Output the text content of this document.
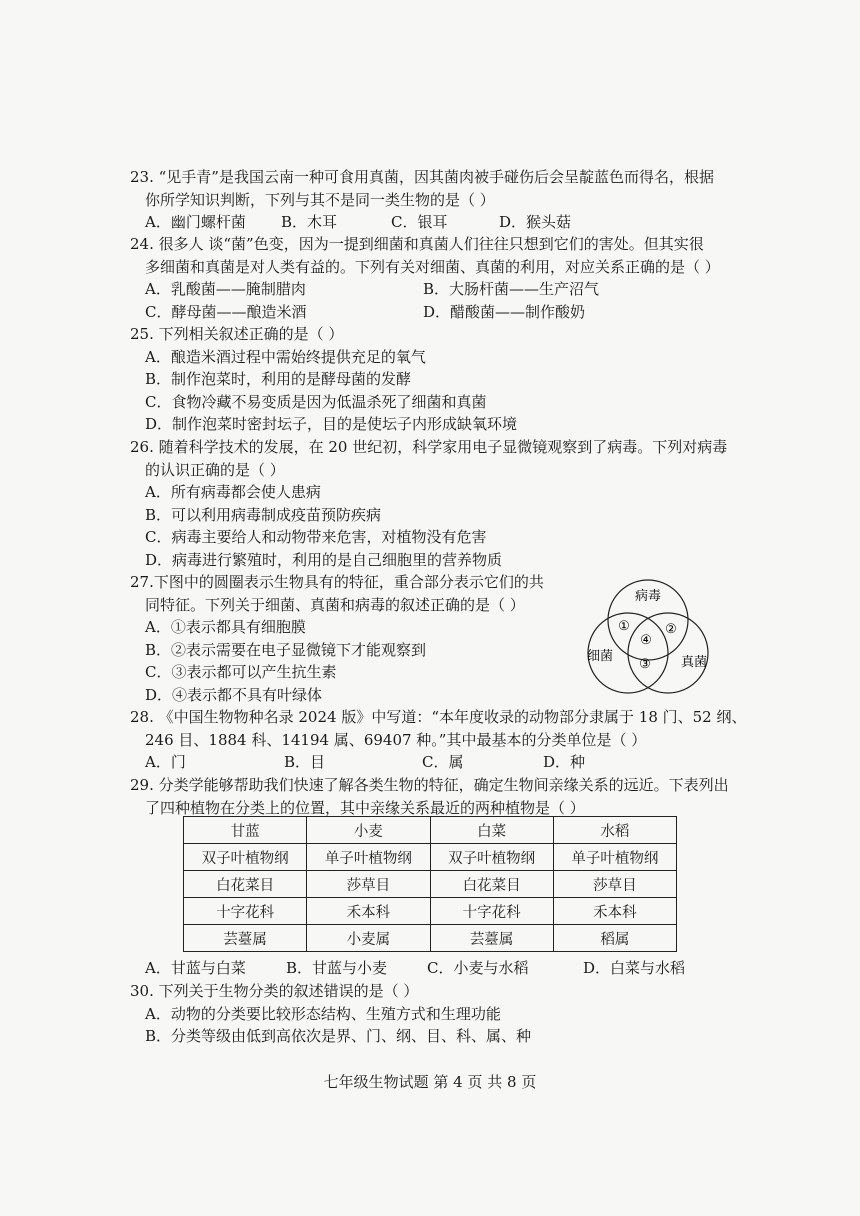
23. “见手青”是我国云南一种可食用真菌，因其菌肉被手碰伤后会呈靛蓝色而得名，根据

你所学知识判断，下列与其不是同一类生物的是（ ）

A．幽门螺杆菌	B．木耳	C．银耳	D．猴头菇

24. 很多人 谈“菌”色变，因为一提到细菌和真菌人们往往只想到它们的害处。但其实很

多细菌和真菌是对人类有益的。下列有关对细菌、真菌的利用，对应关系正确的是（ ）

A．乳酸菌——腌制腊肉	B．大肠杆菌——生产沼气
C．酵母菌——酿造米酒	D．醋酸菌——制作酸奶

25. 下列相关叙述正确的是（ ）

A．酿造米酒过程中需始终提供充足的氧气

B．制作泡菜时，利用的是酵母菌的发酵

C．食物冷藏不易变质是因为低温杀死了细菌和真菌

D．制作泡菜时密封坛子，目的是使坛子内形成缺氧环境

26. 随着科学技术的发展，在 20 世纪初，科学家用电子显微镜观察到了病毒。下列对病毒

的认识正确的是（ ）

A．所有病毒都会使人患病

B．可以利用病毒制成疫苗预防疾病

C．病毒主要给人和动物带来危害，对植物没有危害

D．病毒进行繁殖时，利用的是自己细胞里的营养物质

27.下图中的圆圈表示生物具有的特征，重合部分表示它们的共

同特征。下列关于细菌、真菌和病毒的叙述正确的是（ ）

A．①表示都具有细胞膜

B．②表示需要在电子显微镜下才能观察到

C．③表示都可以产生抗生素

D．④表示都不具有叶绿体

病毒
细菌	真菌
①	②
③
④

28. 《中国生物物种名录 2024 版》中写道：“本年度收录的动物部分隶属于 18 门、52 纲、

246 目、1884 科、14194 属、69407 种。”其中最基本的分类单位是（ ）

A．门	B．目	C．属	D．种

29. 分类学能够帮助我们快速了解各类生物的特征，确定生物间亲缘关系的远近。下表列出

了四种植物在分类上的位置，其中亲缘关系最近的两种植物是（ ）

甘蓝	小麦	白菜	水稻
双子叶植物纲	单子叶植物纲	双子叶植物纲	单子叶植物纲
白花菜目	莎草目	白花菜目	莎草目
十字花科	禾本科	十字花科	禾本科
芸薹属	小麦属	芸薹属	稻属
A．甘蓝与白菜	B．甘蓝与小麦	C．小麦与水稻	D．白菜与水稻

30. 下列关于生物分类的叙述错误的是（ ）

A．动物的分类要比较形态结构、生殖方式和生理功能

B．分类等级由低到高依次是界、门、纲、目、科、属、种

七年级生物试题 第 4 页 共 8 页
